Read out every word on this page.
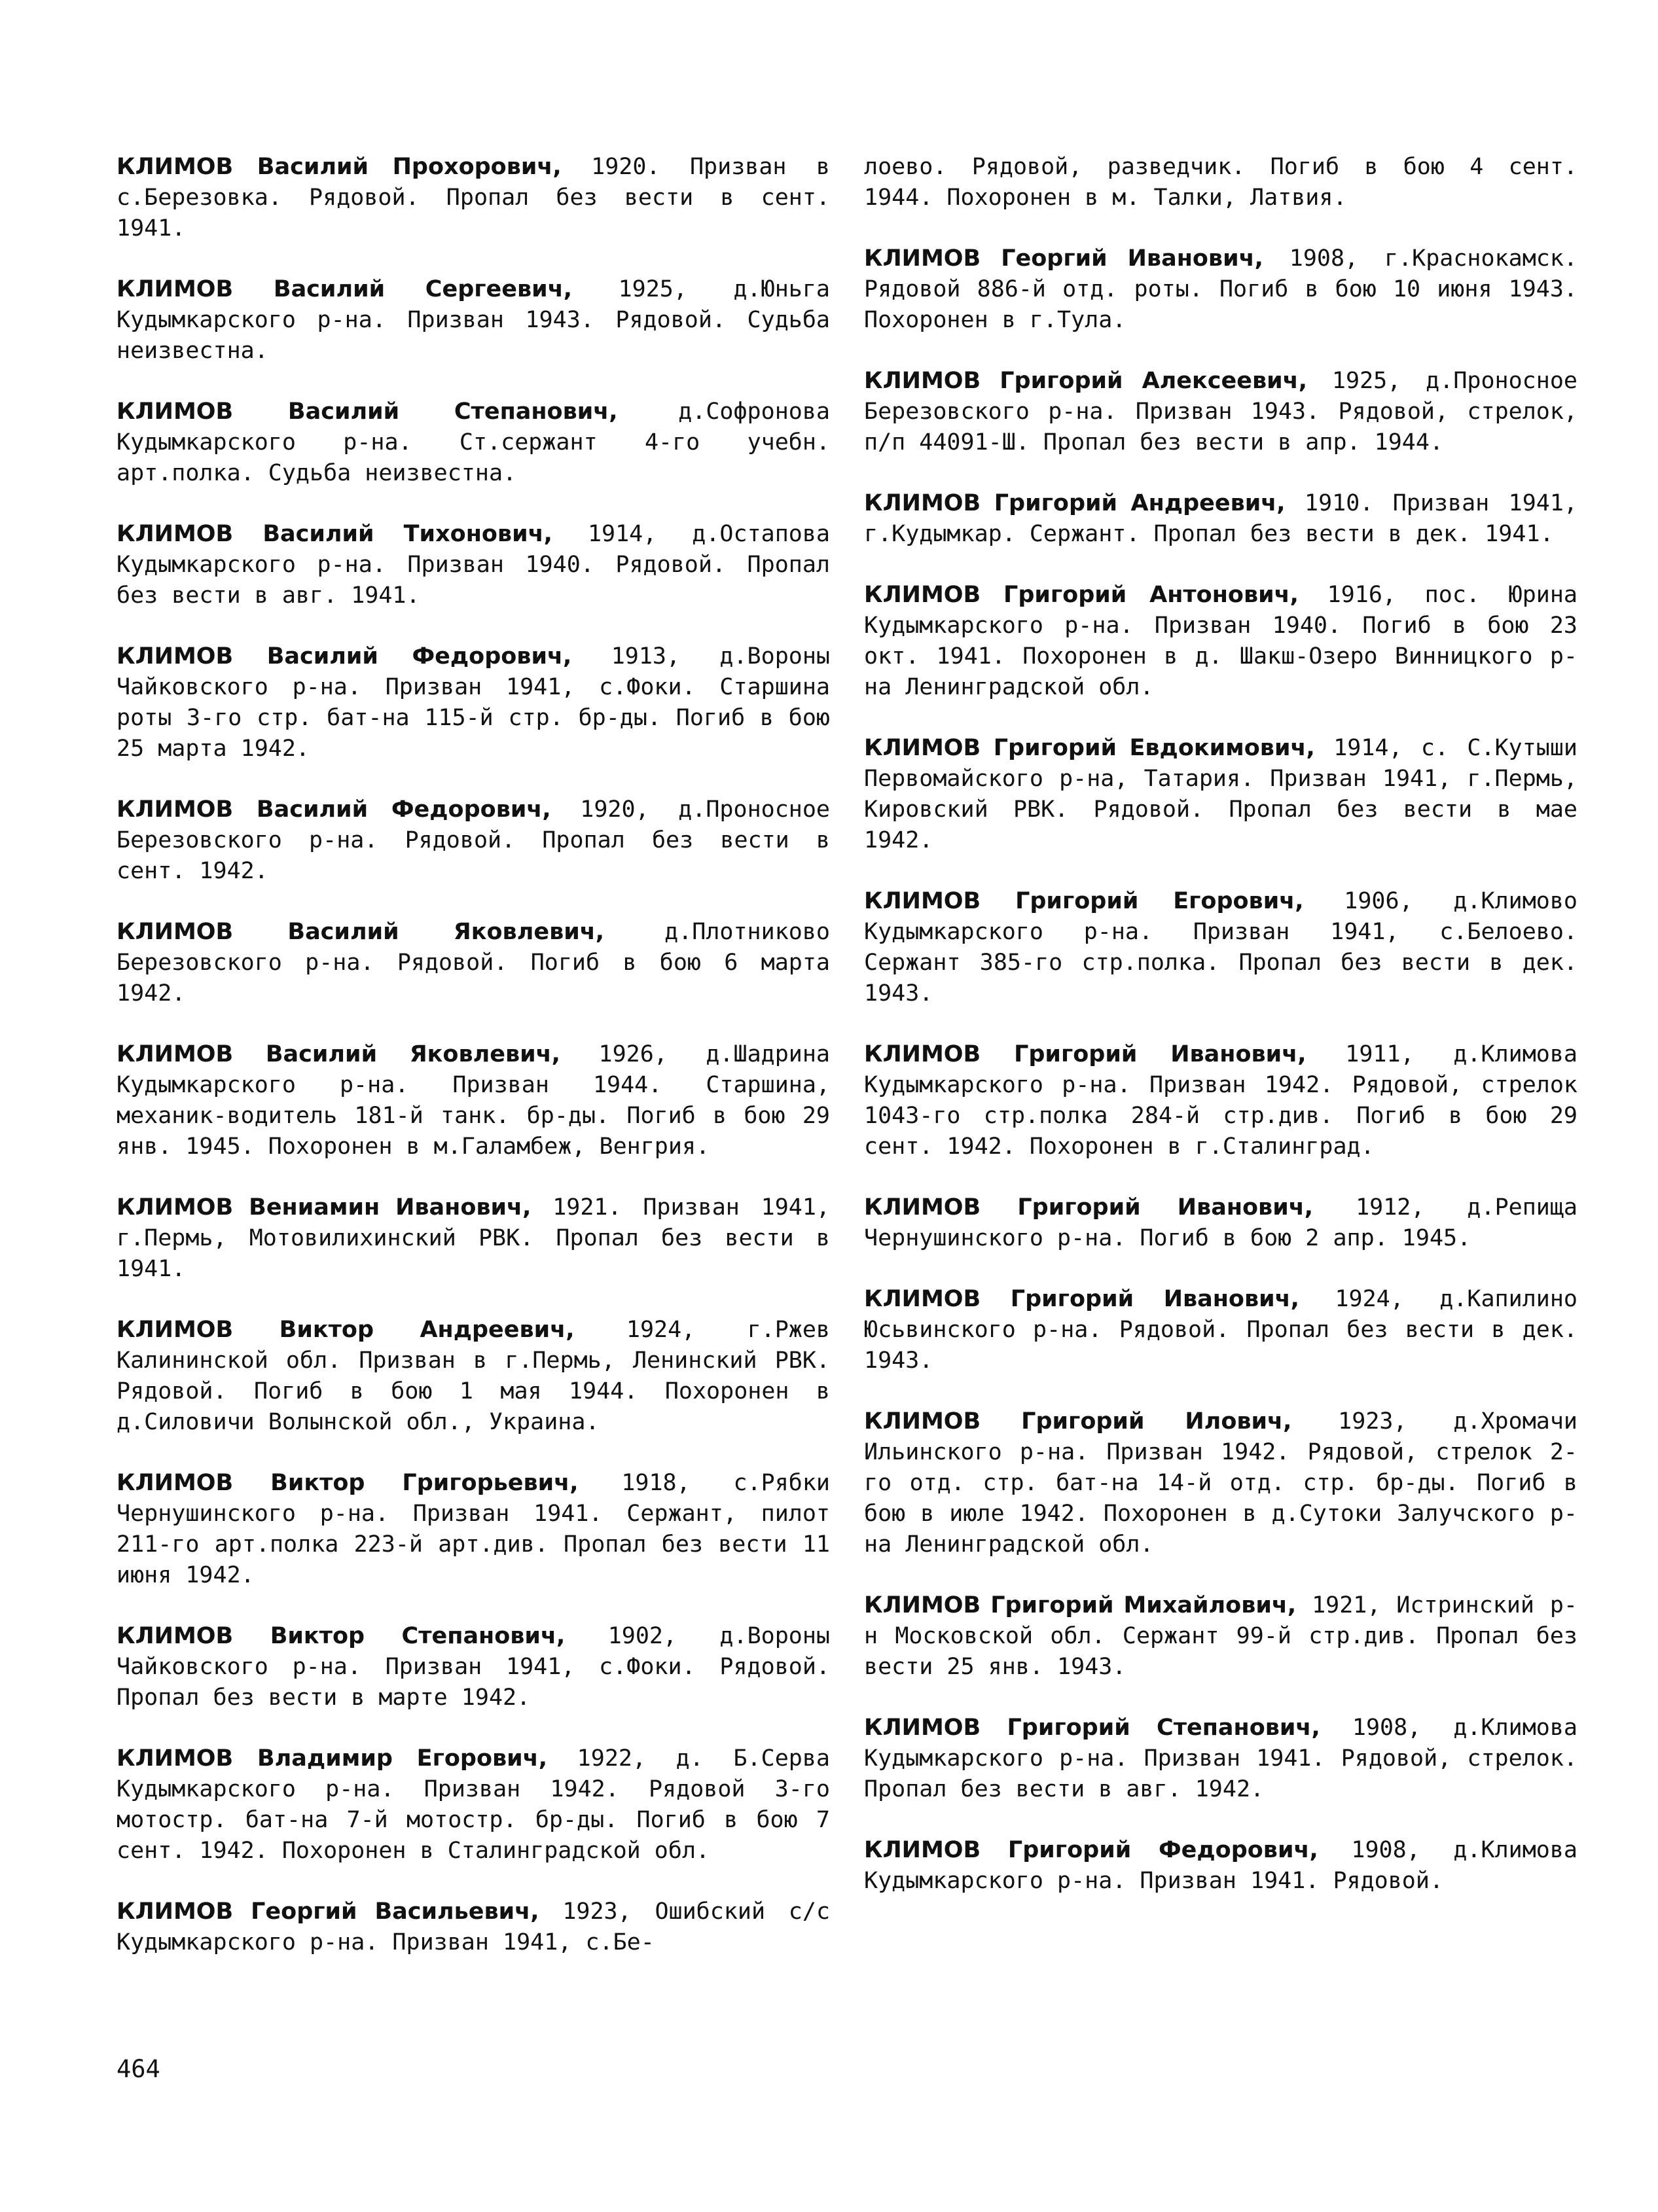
КЛИМОВ Василий Прохорович, 1920. Призван в с.Березовка. Рядовой. Пропал без вести в сент. 1941.

КЛИМОВ Василий Сергеевич, 1925, д.Юньга Кудымкарского р-на. Призван 1943. Рядовой. Судьба неизвестна.

КЛИМОВ Василий Степанович,	д.Софронова Кудымкарского р-на. Ст.сержант 4-го учебн. арт.полка. Судьба неизвестна.

КЛИМОВ Василий Тихонович, 1914, д.Остапова Кудымкарского р-на. Призван 1940. Рядовой. Пропал без вести в авг. 1941.

КЛИМОВ Василий Федорович, 1913, д.Вороны Чайковского р-на. Призван 1941, с.Фоки. Старшина роты 3-го стр. бат-на 115-й стр. бр-ды. Погиб в бою 25 марта 1942.

КЛИМОВ Василий Федорович, 1920, д.Проносное Березовского р-на. Рядовой. Пропал без вести в сент. 1942.

КЛИМОВ Василий Яковлевич,	д.Плотниково Березовского р-на. Рядовой. Погиб в бою 6 марта 1942.

КЛИМОВ Василий Яковлевич, 1926, д.Шадрина Кудымкарского р-на. Призван 1944. Старшина, механик-водитель 181-й танк. бр-ды. Погиб в бою 29 янв. 1945. Похоронен в м.Галамбеж, Венгрия.

КЛИМОВ Вениамин Иванович, 1921. Призван 1941, г.Пермь, Мотовилихинский РВК. Пропал без вести в 1941.

КЛИМОВ Виктор Андреевич, 1924, г.Ржев Калининской обл. Призван в г.Пермь, Ленинский РВК. Рядовой. Погиб в бою 1 мая 1944. Похоронен в д.Силовичи Волынской обл., Украина.

КЛИМОВ Виктор Григорьевич, 1918, с.Рябки Чернушинского р-на. Призван 1941. Сержант, пилот 211-го арт.полка 223-й арт.див. Пропал без вести 11 июня 1942.

КЛИМОВ Виктор Степанович, 1902, д.Вороны Чайковского р-на. Призван 1941, с.Фоки. Рядовой. Пропал без вести в марте 1942.

КЛИМОВ Владимир Егорович, 1922, д. Б.Серва Кудымкарского р-на. Призван 1942. Рядовой 3-го мотостр. бат-на 7-й мотостр. бр-ды. Погиб в бою 7 сент. 1942. Похоронен в Сталинградской обл.

КЛИМОВ Георгий Васильевич, 1923, Ошибский с/с Кудымкарского р-на. Призван 1941, с.Бе-

лоево. Рядовой, разведчик. Погиб в бою 4 сент. 1944. Похоронен в м. Талки, Латвия.

КЛИМОВ Георгий Иванович, 1908, г.Краснокамск. Рядовой 886-й отд. роты. Погиб в бою 10 июня 1943. Похоронен в г.Тула.

КЛИМОВ Григорий Алексеевич, 1925, д.Проносное Березовского р-на. Призван 1943. Рядовой, стрелок, п/п 44091-Ш. Пропал без вести в апр. 1944.

КЛИМОВ Григорий Андреевич, 1910. Призван 1941, г.Кудымкар. Сержант. Пропал без вести в дек. 1941.

КЛИМОВ Григорий Антонович, 1916, пос. Юрина Кудымкарского р-на. Призван 1940. Погиб в бою 23 окт. 1941. Похоронен в д. Шакш-Озеро Винницкого р-на Ленинградской обл.

КЛИМОВ Григорий Евдокимович, 1914, с. С.Кутыши Первомайского р-на, Татария. Призван 1941, г.Пермь, Кировский РВК. Рядовой. Пропал без вести в мае 1942.

КЛИМОВ Григорий Егорович, 1906, д.Климово Кудымкарского р-на. Призван 1941, с.Белоево. Сержант 385-го стр.полка. Пропал без вести в дек. 1943.

КЛИМОВ Григорий Иванович, 1911, д.Климова Кудымкарского р-на. Призван 1942. Рядовой, стрелок 1043-го стр.полка 284-й стр.див. Погиб в бою 29 сент. 1942. Похоронен в г.Сталинград.

КЛИМОВ Григорий Иванович, 1912, д.Репища Чернушинского р-на. Погиб в бою 2 апр. 1945.

КЛИМОВ Григорий Иванович, 1924, д.Капилино Юсьвинского р-на. Рядовой. Пропал без вести в дек. 1943.

КЛИМОВ Григорий Илович, 1923, д.Хромачи Ильинского р-на. Призван 1942. Рядовой, стрелок 2-го отд. стр. бат-на 14-й отд. стр. бр-ды. Погиб в бою в июле 1942. Похоронен в д.Сутоки Залучского р-на Ленинградской обл.

КЛИМОВ Григорий Михайлович, 1921, Истринский р-н Московской обл. Сержант 99-й стр.див. Пропал без вести 25 янв. 1943.

КЛИМОВ Григорий Степанович, 1908, д.Климова Кудымкарского р-на. Призван 1941. Рядовой, стрелок. Пропал без вести в авг. 1942.

КЛИМОВ Григорий Федорович, 1908, д.Климова Кудымкарского р-на. Призван 1941. Рядовой.

464
